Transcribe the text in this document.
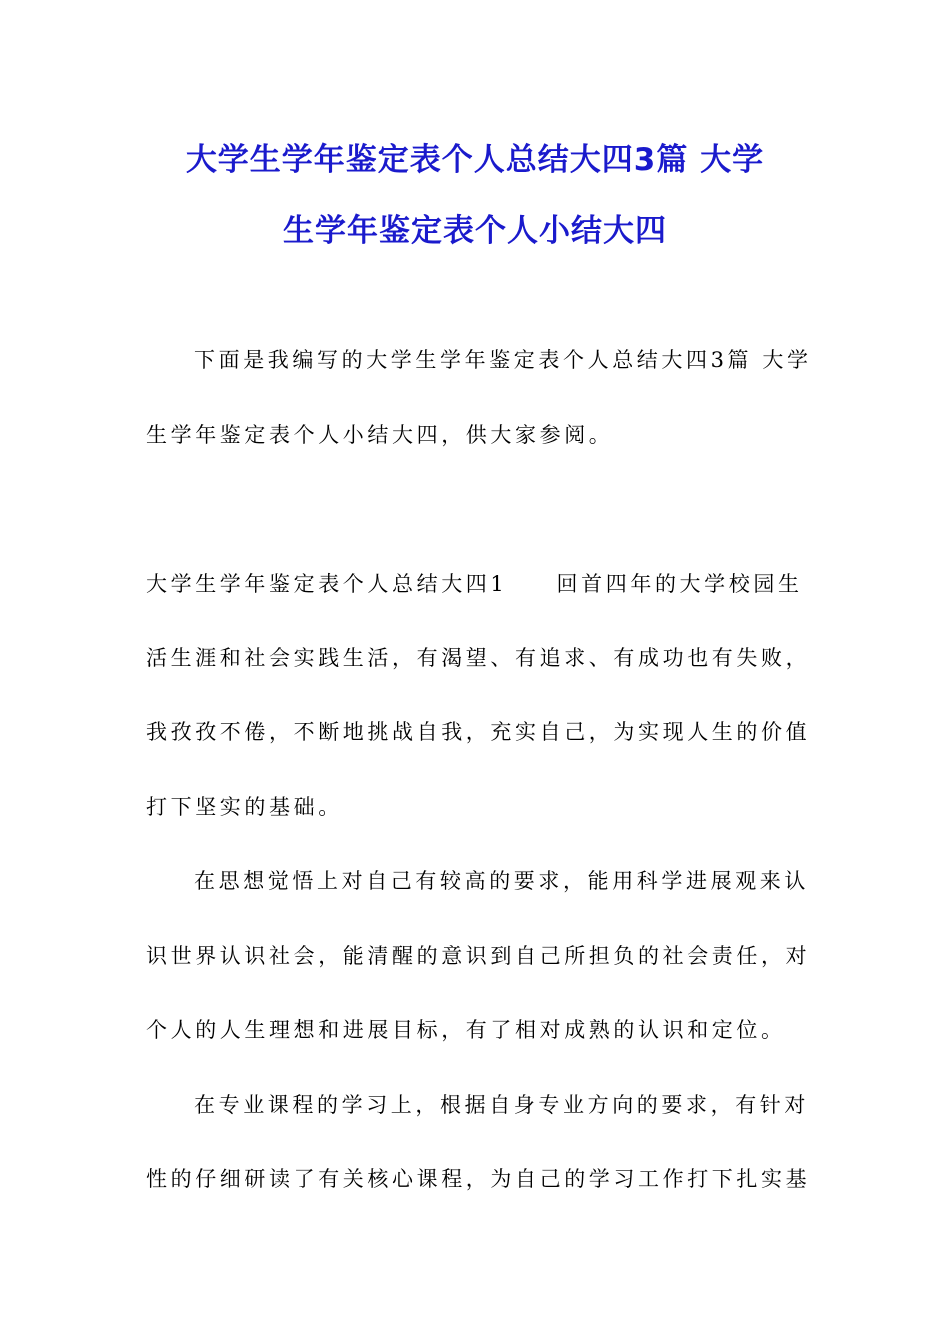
大学生学年鉴定表个人总结大四3篇 大学
生学年鉴定表个人小结大四
下面是我编写的大学生学年鉴定表个人总结大四3篇 大学
生学年鉴定表个人小结大四，供大家参阅。
大学生学年鉴定表个人总结大四1　　回首四年的大学校园生
活生涯和社会实践生活，有渴望、有追求、有成功也有失败，
我孜孜不倦，不断地挑战自我，充实自己，为实现人生的价值
打下坚实的基础。
在思想觉悟上对自己有较高的要求，能用科学进展观来认
识世界认识社会，能清醒的意识到自己所担负的社会责任，对
个人的人生理想和进展目标，有了相对成熟的认识和定位。
在专业课程的学习上，根据自身专业方向的要求，有针对
性的仔细研读了有关核心课程，为自己的学习工作打下扎实基
